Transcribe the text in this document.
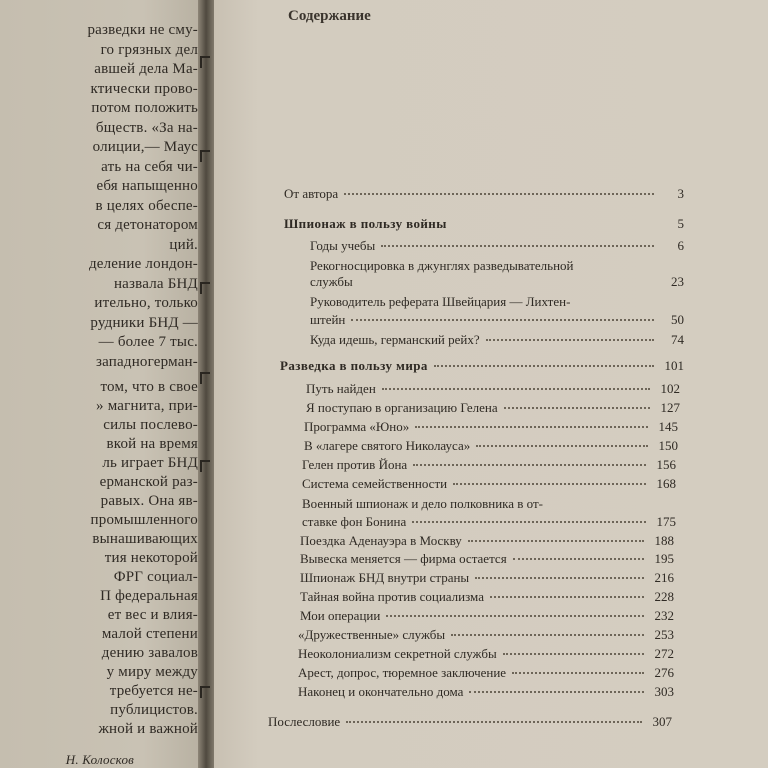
разведки не сму-
го грязных дел
авшей дела Ма-
ктически прово-
потом положить
бществ. «За на-
олиции,— Маус
ать на себя чи-
ебя напыщенно
в целях обеспе-
ся детонатором
ций.
деление лондон-
назвала БНД
ительно, только
рудники БНД —
— более 7 тыс.
западногерман-
том, что в свое
» магнита, при-
силы послево-
вкой на время
ль играет БНД
ерманской раз-
равых. Она яв-
промышленного
вынашивающих
тия некоторой
ФРГ социал-
П федеральная
ет вес и влия-
малой степени
дению завалов
у миру между
требуется не-
публицистов.
жной и важной
Н. Колосков
Содержание
От автора	3
Шпионаж в пользу войны	5
Годы учебы	6
Рекогносцировка в джунглях разведывательной
службы	23
Руководитель реферата Швейцария — Лихтен-
штейн	50
Куда идешь, германский рейх?	74
Разведка в пользу мира	101
Путь найден	102
Я поступаю в организацию Гелена	127
Программа «Юно»	145
В «лагере святого Николауса»	150
Гелен против Йона	156
Система семейственности	168
Военный шпионаж и дело полковника в от-
ставке фон Бонина	175
Поездка Аденауэра в Москву	188
Вывеска меняется — фирма остается	195
Шпионаж БНД внутри страны	216
Тайная война против социализма	228
Мои операции	232
«Дружественные» службы	253
Неоколониализм секретной службы	272
Арест, допрос, тюремное заключение	276
Наконец и окончательно дома	303
Послесловие	307
